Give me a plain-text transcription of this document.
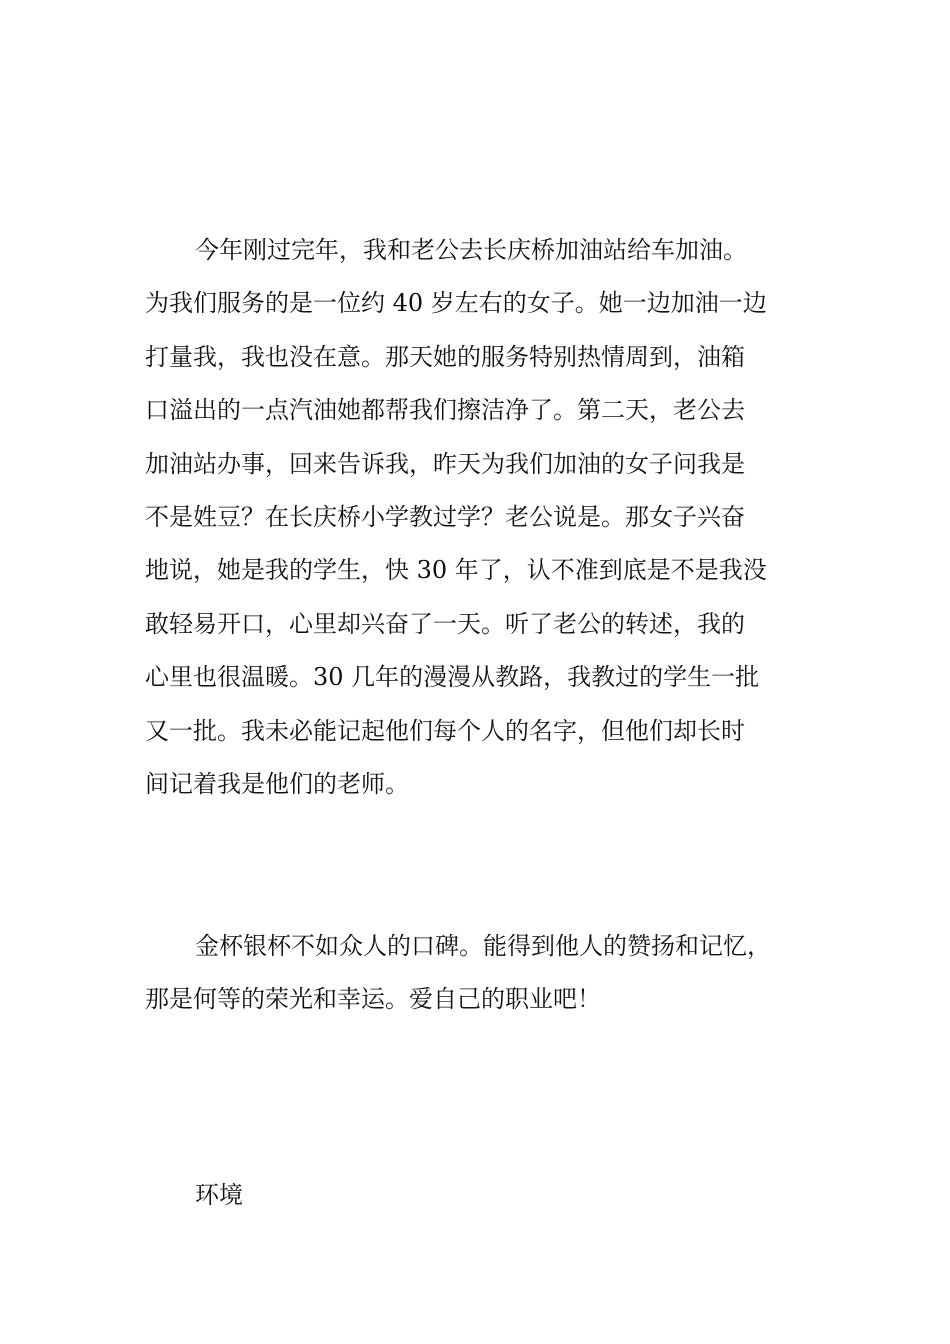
今年刚过完年，我和老公去长庆桥加油站给车加油。
为我们服务的是一位约 40 岁左右的女子。她一边加油一边
打量我，我也没在意。那天她的服务特别热情周到，油箱
口溢出的一点汽油她都帮我们擦洁净了。第二天，老公去
加油站办事，回来告诉我，昨天为我们加油的女子问我是
不是姓豆？在长庆桥小学教过学？老公说是。那女子兴奋
地说，她是我的学生，快 30 年了，认不准到底是不是我没
敢轻易开口，心里却兴奋了一天。听了老公的转述，我的
心里也很温暖。30 几年的漫漫从教路，我教过的学生一批
又一批。我未必能记起他们每个人的名字，但他们却长时
间记着我是他们的老师。
金杯银杯不如众人的口碑。能得到他人的赞扬和记忆，
那是何等的荣光和幸运。爱自己的职业吧！
环境
